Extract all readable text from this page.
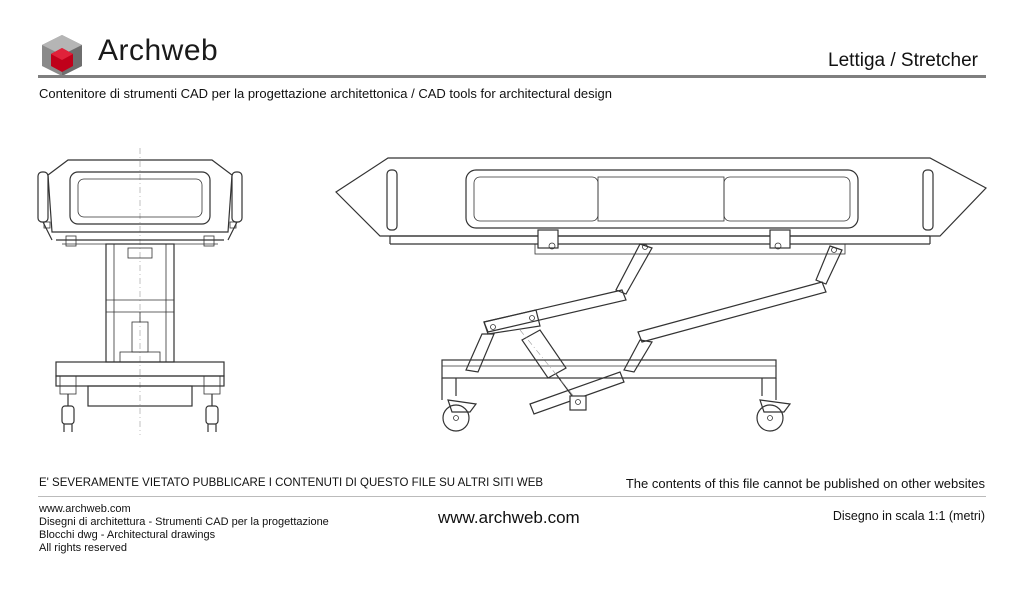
Archweb	Lettiga / Stretcher
Contenitore di strumenti CAD per la progettazione architettonica / CAD tools for architectural design
E' SEVERAMENTE VIETATO PUBBLICARE I CONTENUTI DI QUESTO FILE SU ALTRI SITI WEB	The contents of this file cannot be published on other websites
www.archweb.com
Disegni di architettura - Strumenti CAD per la progettazione
Blocchi dwg - Architectural drawings
All rights reserved
www.archweb.com	Disegno in scala 1:1 (metri)
